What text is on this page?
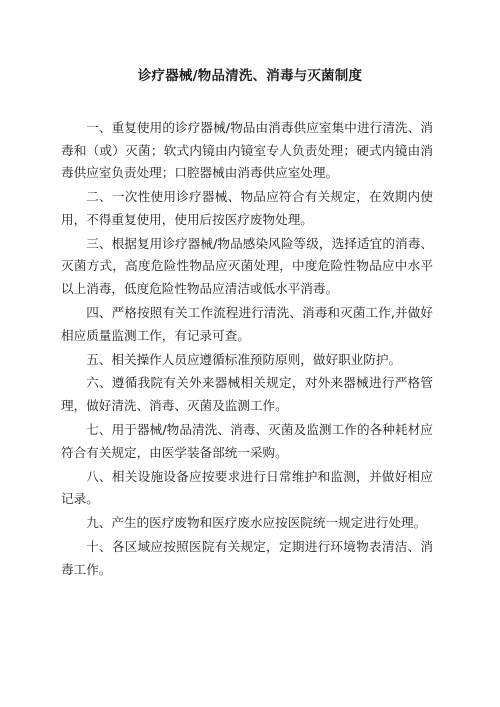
诊疗器械/物品清洗、消毒与灭菌制度

一、重复使用的诊疗器械/物品由消毒供应室集中进行清洗、消毒和（或）灭菌；软式内镜由内镜室专人负责处理；硬式内镜由消毒供应室负责处理；口腔器械由消毒供应室处理。

二、一次性使用诊疗器械、物品应符合有关规定，在效期内使用，不得重复使用，使用后按医疗废物处理。

三、根据复用诊疗器械/物品感染风险等级，选择适宜的消毒、灭菌方式，高度危险性物品应灭菌处理，中度危险性物品应中水平以上消毒，低度危险性物品应清洁或低水平消毒。

四、严格按照有关工作流程进行清洗、消毒和灭菌工作,并做好相应质量监测工作，有记录可查。

五、相关操作人员应遵循标准预防原则，做好职业防护。

六、遵循我院有关外来器械相关规定，对外来器械进行严格管理，做好清洗、消毒、灭菌及监测工作。

七、用于器械/物品清洗、消毒、灭菌及监测工作的各种耗材应符合有关规定，由医学装备部统一采购。

八、相关设施设备应按要求进行日常维护和监测，并做好相应记录。

九、产生的医疗废物和医疗废水应按医院统一规定进行处理。

十、各区域应按照医院有关规定，定期进行环境物表清洁、消毒工作。
